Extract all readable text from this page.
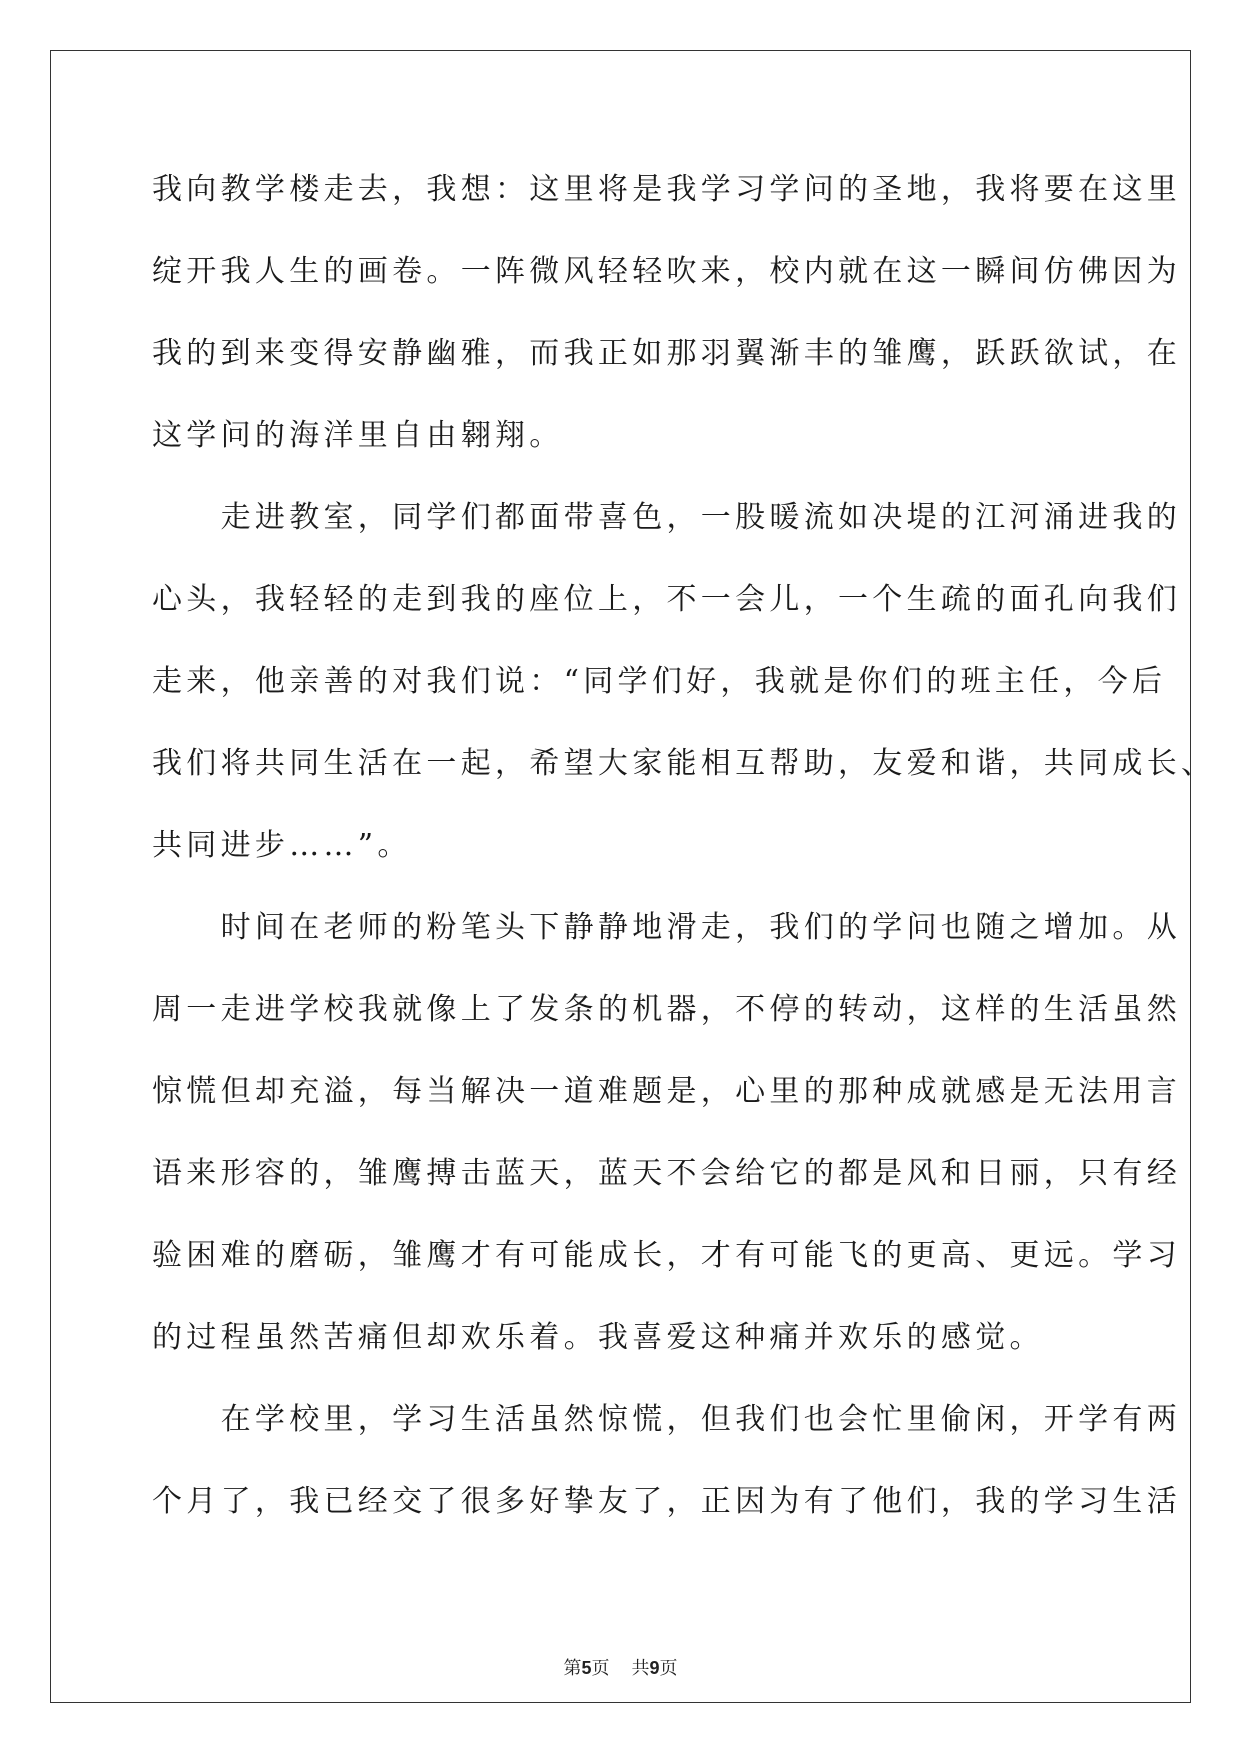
我向教学楼走去，我想：这里将是我学习学问的圣地，我将要在这里
绽开我人生的画卷。一阵微风轻轻吹来，校内就在这一瞬间仿佛因为
我的到来变得安静幽雅，而我正如那羽翼渐丰的雏鹰，跃跃欲试，在
这学问的海洋里自由翱翔。
　　走进教室，同学们都面带喜色，一股暖流如决堤的江河涌进我的
心头，我轻轻的走到我的座位上，不一会儿，一个生疏的面孔向我们
走来，他亲善的对我们说：“同学们好，我就是你们的班主任，今后
我们将共同生活在一起，希望大家能相互帮助，友爱和谐，共同成长、
共同进步……”。
　　时间在老师的粉笔头下静静地滑走，我们的学问也随之增加。从
周一走进学校我就像上了发条的机器，不停的转动，这样的生活虽然
惊慌但却充溢，每当解决一道难题是，心里的那种成就感是无法用言
语来形容的，雏鹰搏击蓝天，蓝天不会给它的都是风和日丽，只有经
验困难的磨砺，雏鹰才有可能成长，才有可能飞的更高、更远。学习
的过程虽然苦痛但却欢乐着。我喜爱这种痛并欢乐的感觉。
　　在学校里，学习生活虽然惊慌，但我们也会忙里偷闲，开学有两
个月了，我已经交了很多好挚友了，正因为有了他们，我的学习生活
第5页 共9页
